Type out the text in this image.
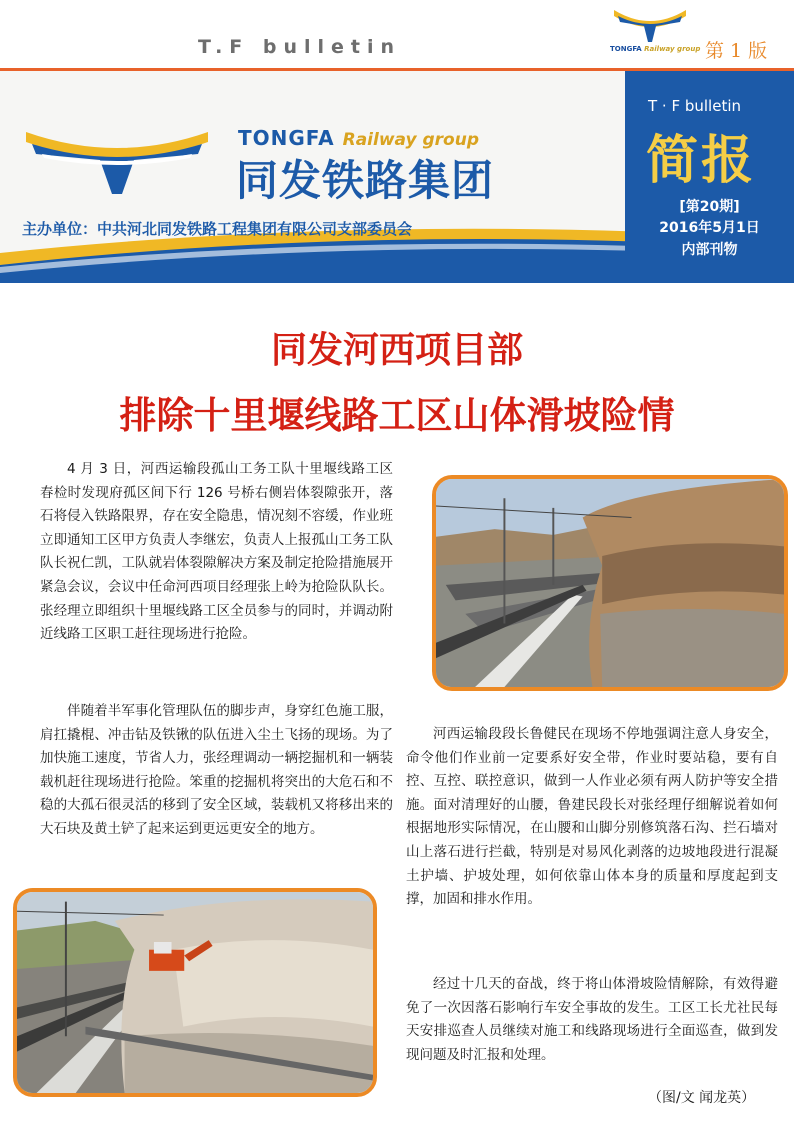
T.F bulletin	TONGFA Railway group 第 1 版
T · F bulletin
简报
[第20期]
2016年5月1日
内部刊物
TONGFA Railway group
同发铁路集团
主办单位：中共河北同发铁路工程集团有限公司支部委员会
同发河西项目部
排除十里堰线路工区山体滑坡险情

4 月 3 日，河西运输段孤山工务工队十里堰线路工区春检时发现府孤区间下行 126 号桥右侧岩体裂隙张开，落石将侵入铁路限界，存在安全隐患，情况刻不容缓，作业班立即通知工区甲方负责人李继宏，负责人上报孤山工务工队队长祝仁凯，工队就岩体裂隙解决方案及制定抢险措施展开紧急会议，会议中任命河西项目经理张上岭为抢险队队长。张经理立即组织十里堰线路工区全员参与的同时，并调动附近线路工区职工赶往现场进行抢险。

伴随着半军事化管理队伍的脚步声，身穿红色施工服，肩扛撬棍、冲击钻及铁锹的队伍进入尘土飞扬的现场。为了加快施工速度，节省人力，张经理调动一辆挖掘机和一辆装载机赶往现场进行抢险。笨重的挖掘机将突出的大危石和不稳的大孤石很灵活的移到了安全区域，装载机又将移出来的大石块及黄土铲了起来运到更远更安全的地方。

河西运输段段长鲁健民在现场不停地强调注意人身安全，命令他们作业前一定要系好安全带，作业时要站稳，要有自控、互控、联控意识，做到一人作业必须有两人防护等安全措施。面对清理好的山腰，鲁建民段长对张经理仔细解说着如何根据地形实际情况，在山腰和山脚分别修筑落石沟、拦石墙对山上落石进行拦截，特别是对易风化剥落的边坡地段进行混凝土护墙、护坡处理，如何依靠山体本身的质量和厚度起到支撑，加固和排水作用。

经过十几天的奋战，终于将山体滑坡险情解除，有效得避免了一次因落石影响行车安全事故的发生。工区工长尤社民每天安排巡查人员继续对施工和线路现场进行全面巡查，做到发现问题及时汇报和处理。

（图/文 闻龙英）
